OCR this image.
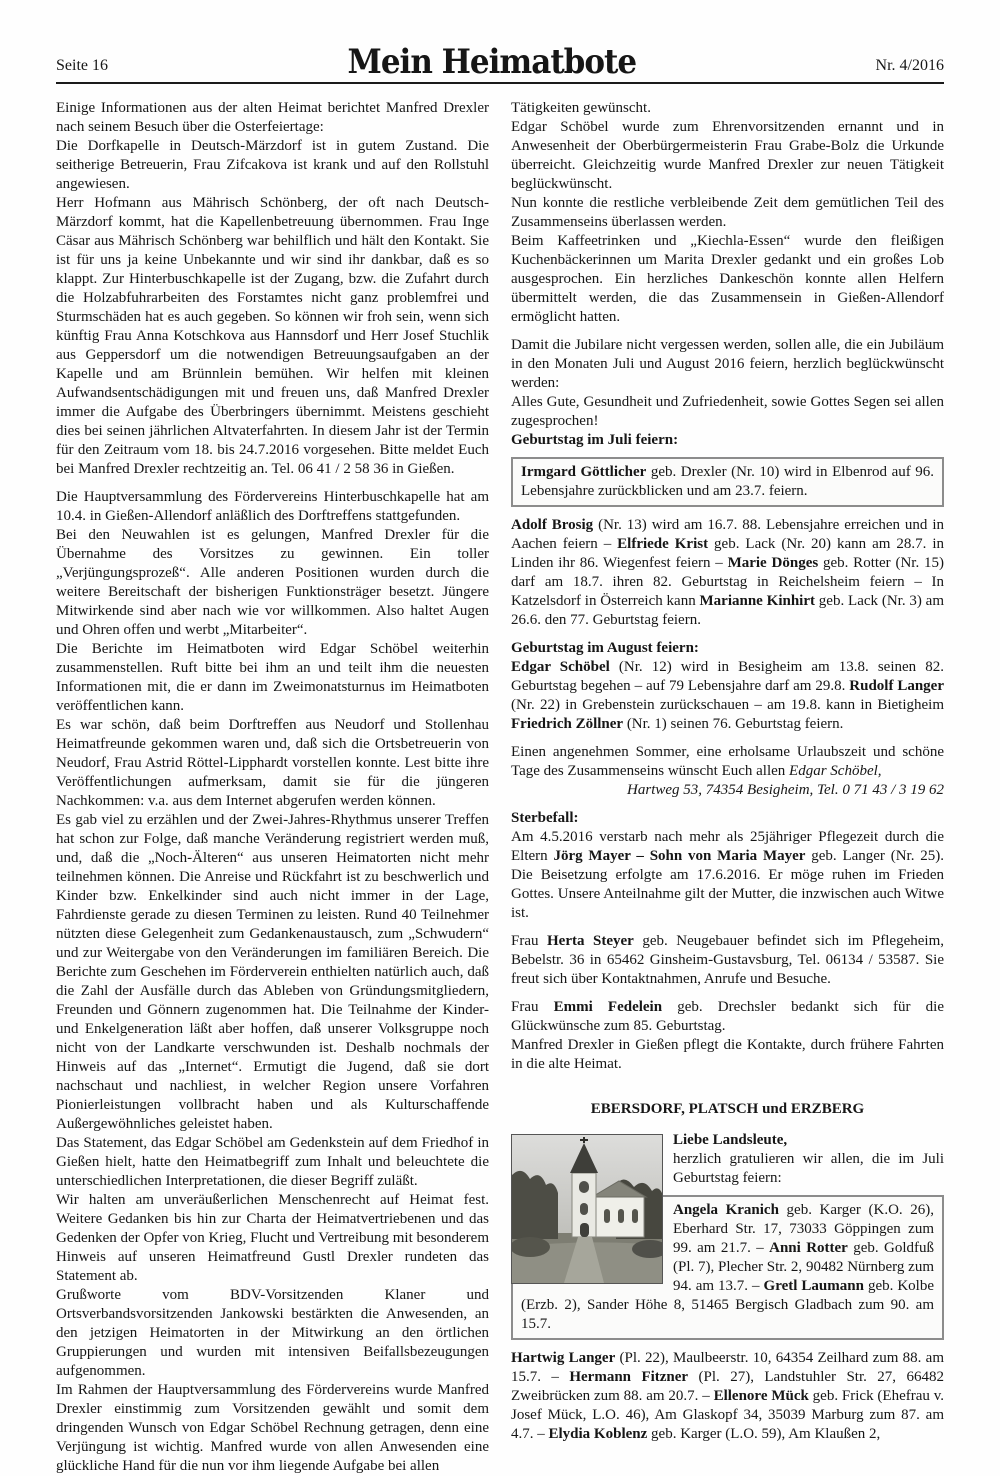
Seite 16	Mein Heimatbote	Nr. 4/2016

Einige Informationen aus der alten Heimat berichtet Manfred Drexler nach seinem Besuch über die Osterfeiertage:

Die Dorfkapelle in Deutsch-Märzdorf ist in gutem Zustand. Die seitherige Betreuerin, Frau Zifcakova ist krank und auf den Rollstuhl angewiesen.

Herr Hofmann aus Mährisch Schönberg, der oft nach Deutsch-Märzdorf kommt, hat die Kapellenbetreuung übernommen. Frau Inge Cäsar aus Mährisch Schönberg war behilflich und hält den Kontakt. Sie ist für uns ja keine Unbekannte und wir sind ihr dankbar, daß es so klappt. Zur Hinterbuschkapelle ist der Zugang, bzw. die Zufahrt durch die Holzabfuhrarbeiten des Forstamtes nicht ganz problemfrei und Sturmschäden hat es auch gegeben. So können wir froh sein, wenn sich künftig Frau Anna Kotschkova aus Hannsdorf und Herr Josef Stuchlik aus Geppersdorf um die notwendigen Betreuungsaufgaben an der Kapelle und am Brünnlein bemühen. Wir helfen mit kleinen Aufwandsentschädigungen mit und freuen uns, daß Manfred Drexler immer die Aufgabe des Überbringers übernimmt. Meistens geschieht dies bei seinen jährlichen Altvaterfahrten. In diesem Jahr ist der Termin für den Zeitraum vom 18. bis 24.7.2016 vorgesehen. Bitte meldet Euch bei Manfred Drexler rechtzeitig an. Tel. 06 41 / 2 58 36 in Gießen.

Die Hauptversammlung des Fördervereins Hinterbuschkapelle hat am 10.4. in Gießen-Allendorf anläßlich des Dorftreffens stattgefunden.

Bei den Neuwahlen ist es gelungen, Manfred Drexler für die Übernahme des Vorsitzes zu gewinnen. Ein toller „Verjüngungsprozeß“. Alle anderen Positionen wurden durch die weitere Bereitschaft der bisherigen Funktionsträger besetzt. Jüngere Mitwirkende sind aber nach wie vor willkommen. Also haltet Augen und Ohren offen und werbt „Mitarbeiter“.

Die Berichte im Heimatboten wird Edgar Schöbel weiterhin zusammenstellen. Ruft bitte bei ihm an und teilt ihm die neuesten Informationen mit, die er dann im Zweimonatsturnus im Heimatboten veröffentlichen kann.

Es war schön, daß beim Dorftreffen aus Neudorf und Stollenhau Heimatfreunde gekommen waren und, daß sich die Ortsbetreuerin von Neudorf, Frau Astrid Röttel-Lipphardt vorstellen konnte. Lest bitte ihre Veröffentlichungen aufmerksam, damit sie für die jüngeren Nachkommen: v.a. aus dem Internet abgerufen werden können.

Es gab viel zu erzählen und der Zwei-Jahres-Rhythmus unserer Treffen hat schon zur Folge, daß manche Veränderung registriert werden muß, und, daß die „Noch-Älteren“ aus unseren Heimatorten nicht mehr teilnehmen können. Die Anreise und Rückfahrt ist zu beschwerlich und Kinder bzw. Enkelkinder sind auch nicht immer in der Lage, Fahrdienste gerade zu diesen Terminen zu leisten. Rund 40 Teilnehmer nützten diese Gelegenheit zum Gedankenaustausch, zum „Schwudern“ und zur Weitergabe von den Veränderungen im familiären Bereich. Die Berichte zum Geschehen im Förderverein enthielten natürlich auch, daß die Zahl der Ausfälle durch das Ableben von Gründungsmitgliedern, Freunden und Gönnern zugenommen hat. Die Teilnahme der Kinder- und Enkelgeneration läßt aber hoffen, daß unserer Volksgruppe noch nicht von der Landkarte verschwunden ist. Deshalb nochmals der Hinweis auf das „Internet“. Ermutigt die Jugend, daß sie dort nachschaut und nachliest, in welcher Region unsere Vorfahren Pionierleistungen vollbracht haben und als Kulturschaffende Außergewöhnliches geleistet haben.

Das Statement, das Edgar Schöbel am Gedenkstein auf dem Friedhof in Gießen hielt, hatte den Heimatbegriff zum Inhalt und beleuchtete die unterschiedlichen Interpretationen, die dieser Begriff zuläßt.

Wir halten am unveräußerlichen Menschenrecht auf Heimat fest. Weitere Gedanken bis hin zur Charta der Heimatvertriebenen und das Gedenken der Opfer von Krieg, Flucht und Vertreibung mit besonderem Hinweis auf unseren Heimatfreund Gustl Drexler rundeten das Statement ab.

Grußworte vom BDV-Vorsitzenden Klaner und Ortsverbandsvorsitzenden Jankowski bestärkten die Anwesenden, an den jetzigen Heimatorten in der Mitwirkung an den örtlichen Gruppierungen und wurden mit intensiven Beifallsbezeugungen aufgenommen.

Im Rahmen der Hauptversammlung des Fördervereins wurde Manfred Drexler einstimmig zum Vorsitzenden gewählt und somit dem dringenden Wunsch von Edgar Schöbel Rechnung getragen, denn eine Verjüngung ist wichtig. Manfred wurde von allen Anwesenden eine glückliche Hand für die nun vor ihm liegende Aufgabe bei allen

Tätigkeiten gewünscht.

Edgar Schöbel wurde zum Ehrenvorsitzenden ernannt und in Anwesenheit der Oberbürgermeisterin Frau Grabe-Bolz die Urkunde überreicht. Gleichzeitig wurde Manfred Drexler zur neuen Tätigkeit beglückwünscht.

Nun konnte die restliche verbleibende Zeit dem gemütlichen Teil des Zusammenseins überlassen werden.

Beim Kaffeetrinken und „Kiechla-Essen“ wurde den fleißigen Kuchenbäckerinnen um Marita Drexler gedankt und ein großes Lob ausgesprochen. Ein herzliches Dankeschön konnte allen Helfern übermittelt werden, die das Zusammensein in Gießen-Allendorf ermöglicht hatten.

Damit die Jubilare nicht vergessen werden, sollen alle, die ein Jubiläum in den Monaten Juli und August 2016 feiern, herzlich beglückwünscht werden:

Alles Gute, Gesundheit und Zufriedenheit, sowie Gottes Segen sei allen zugesprochen!

Geburtstag im Juli feiern:

Irmgard Göttlicher geb. Drexler (Nr. 10) wird in Elbenrod auf 96. Lebensjahre zurückblicken und am 23.7. feiern.

Adolf Brosig (Nr. 13) wird am 16.7. 88. Lebensjahre erreichen und in Aachen feiern – Elfriede Krist geb. Lack (Nr. 20) kann am 28.7. in Linden ihr 86. Wiegenfest feiern – Marie Dönges geb. Rotter (Nr. 15) darf am 18.7. ihren 82. Geburtstag in Reichelsheim feiern – In Katzelsdorf in Österreich kann Marianne Kinhirt geb. Lack (Nr. 3) am 26.6. den 77. Geburtstag feiern.

Geburtstag im August feiern:

Edgar Schöbel (Nr. 12) wird in Besigheim am 13.8. seinen 82. Geburtstag begehen – auf 79 Lebensjahre darf am 29.8. Rudolf Langer (Nr. 22) in Grebenstein zurückschauen – am 19.8. kann in Bietigheim Friedrich Zöllner (Nr. 1) seinen 76. Geburtstag feiern.

Einen angenehmen Sommer, eine erholsame Urlaubszeit und schöne Tage des Zusammenseins wünscht Euch allen Edgar Schöbel,

Hartweg 53, 74354 Besigheim, Tel. 0 71 43 / 3 19 62

Sterbefall:

Am 4.5.2016 verstarb nach mehr als 25jähriger Pflegezeit durch die Eltern Jörg Mayer – Sohn von Maria Mayer geb. Langer (Nr. 25). Die Beisetzung erfolgte am 17.6.2016. Er möge ruhen im Frieden Gottes. Unsere Anteilnahme gilt der Mutter, die inzwischen auch Witwe ist.

Frau Herta Steyer geb. Neugebauer befindet sich im Pflegeheim, Bebelstr. 36 in 65462 Ginsheim-Gustavsburg, Tel. 06134 / 53587. Sie freut sich über Kontaktnahmen, Anrufe und Besuche.

Frau Emmi Fedelein geb. Drechsler bedankt sich für die Glückwünsche zum 85. Geburtstag.

Manfred Drexler in Gießen pflegt die Kontakte, durch frühere Fahrten in die alte Heimat.

EBERSDORF, PLATSCH und ERZBERG

Liebe Landsleute,

herzlich gratulieren wir allen, die im Juli Geburtstag feiern:

Angela Kranich geb. Karger (K.O. 26), Eberhard Str. 17, 73033 Göppingen zum 99. am 21.7. – Anni Rotter geb. Goldfuß (Pl. 7), Plecher Str. 2, 90482 Nürnberg zum 94. am 13.7. – Gretl Laumann geb. Kolbe (Erzb. 2), Sander Höhe 8, 51465 Bergisch Gladbach zum 90. am 15.7.

Hartwig Langer (Pl. 22), Maulbeerstr. 10, 64354 Zeilhard zum 88. am 15.7. – Hermann Fitzner (Pl. 27), Landstuhler Str. 27, 66482 Zweibrücken zum 88. am 20.7. – Ellenore Mück geb. Frick (Ehefrau v. Josef Mück, L.O. 46), Am Glaskopf 34, 35039 Marburg zum 87. am 4.7. – Elydia Koblenz geb. Karger (L.O. 59), Am Klaußen 2,
